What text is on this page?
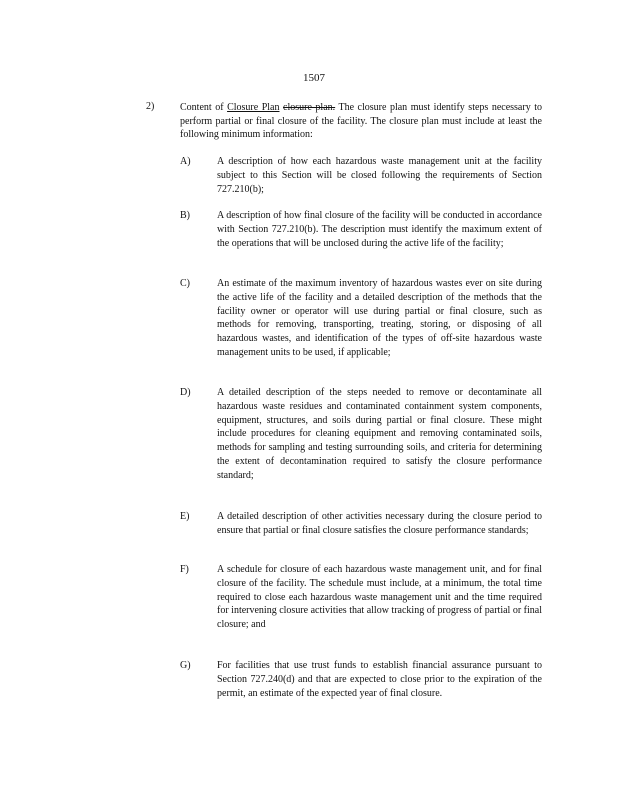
1507
2)	Content of Closure Plan closure plan. The closure plan must identify steps necessary to perform partial or final closure of the facility. The closure plan must include at least the following minimum information:
A)	A description of how each hazardous waste management unit at the facility subject to this Section will be closed following the requirements of Section 727.210(b);
B)	A description of how final closure of the facility will be conducted in accordance with Section 727.210(b). The description must identify the maximum extent of the operations that will be unclosed during the active life of the facility;
C)	An estimate of the maximum inventory of hazardous wastes ever on site during the active life of the facility and a detailed description of the methods that the facility owner or operator will use during partial or final closure, such as methods for removing, transporting, treating, storing, or disposing of all hazardous wastes, and identification of the types of off-site hazardous waste management units to be used, if applicable;
D)	A detailed description of the steps needed to remove or decontaminate all hazardous waste residues and contaminated containment system components, equipment, structures, and soils during partial or final closure. These might include procedures for cleaning equipment and removing contaminated soils, methods for sampling and testing surrounding soils, and criteria for determining the extent of decontamination required to satisfy the closure performance standard;
E)	A detailed description of other activities necessary during the closure period to ensure that partial or final closure satisfies the closure performance standards;
F)	A schedule for closure of each hazardous waste management unit, and for final closure of the facility. The schedule must include, at a minimum, the total time required to close each hazardous waste management unit and the time required for intervening closure activities that allow tracking of progress of partial or final closure; and
G)	For facilities that use trust funds to establish financial assurance pursuant to Section 727.240(d) and that are expected to close prior to the expiration of the permit, an estimate of the expected year of final closure.
